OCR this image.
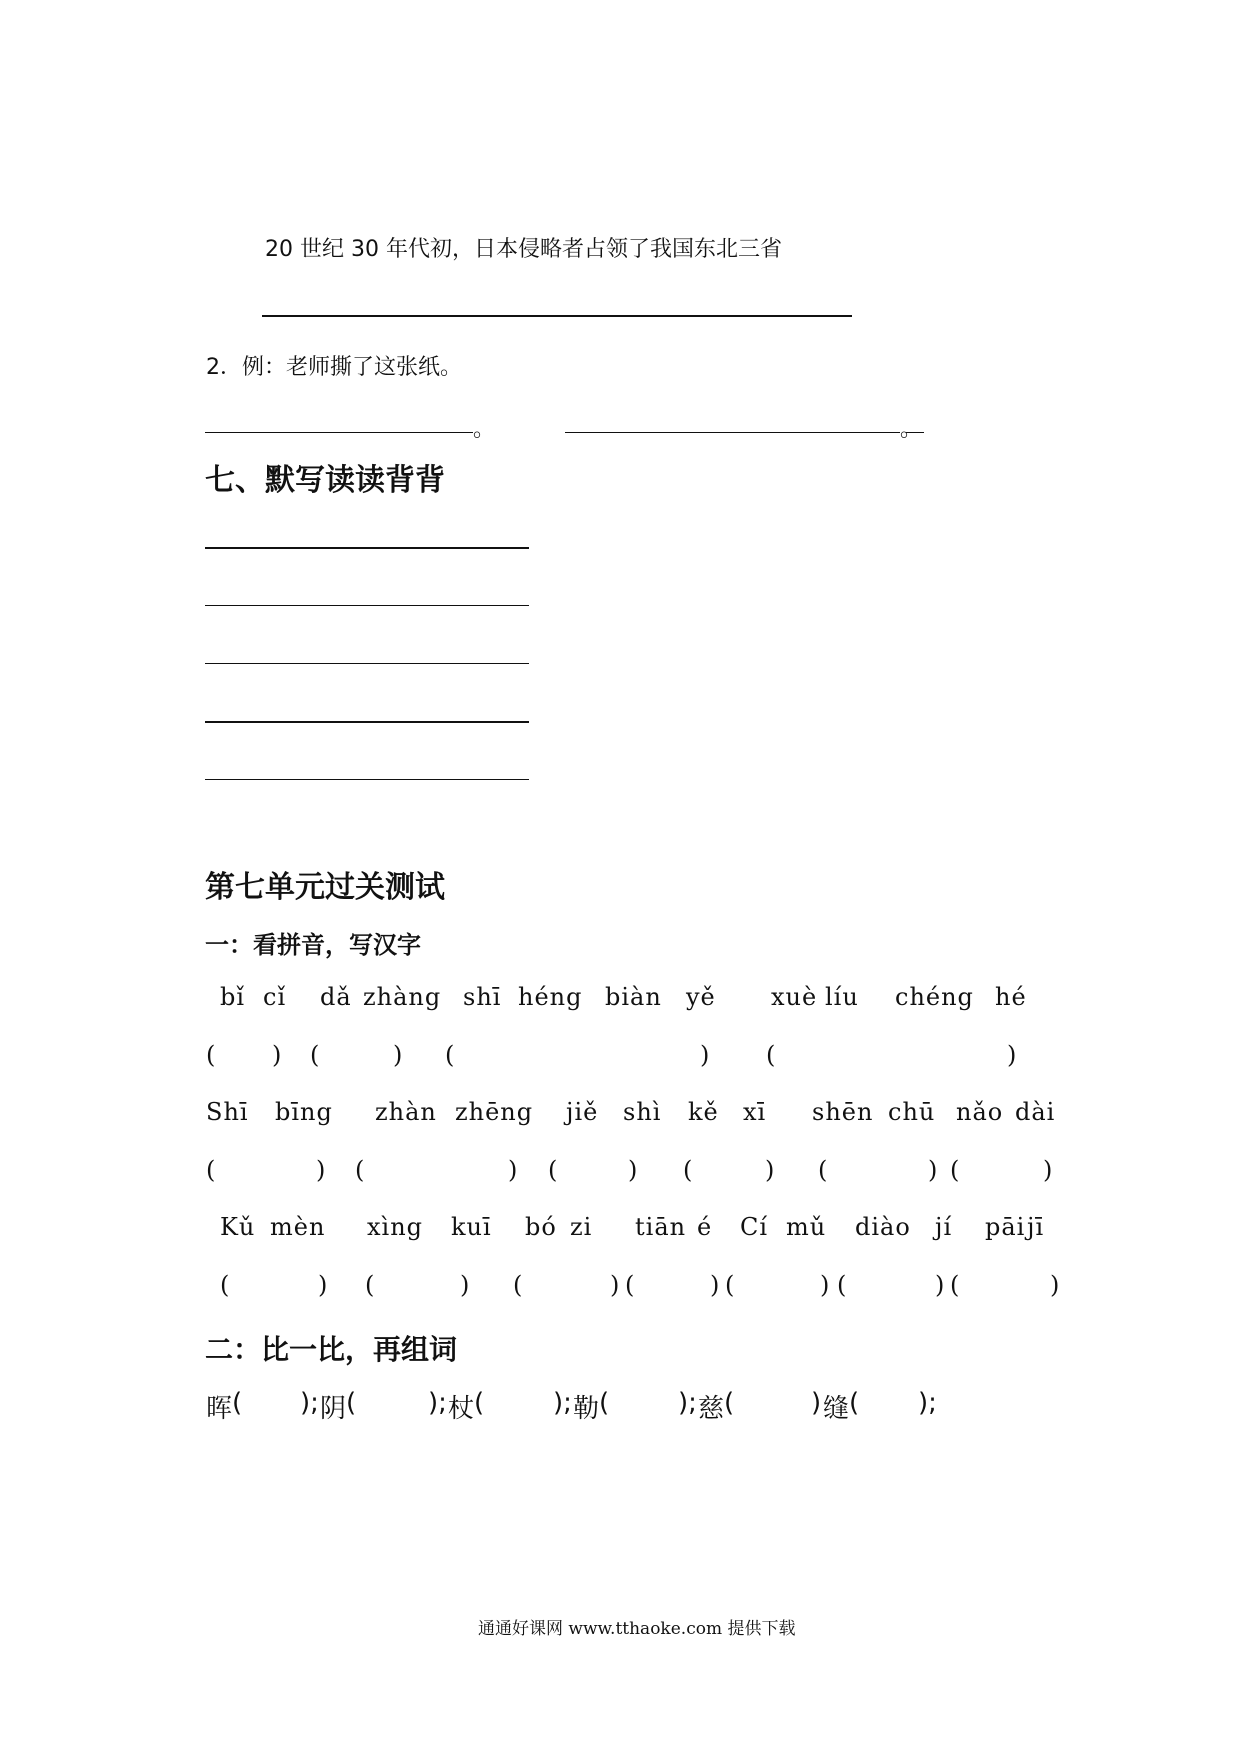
20 世纪 30 年代初，日本侵略者占领了我国东北三省
2．例：老师撕了这张纸。
。	。
七、默写读读背背
第七单元过关测试
一：看拼音，写汉字
bǐ cǐ dǎ zhàng shī héng biàn yě xuè líu chéng hé
( ) (	) (	) (	)
Shī bīng zhàn zhēng jiě shì kě xī shēn chū nǎo dài
(	) (	) (	) (	) (	) (	)
Kǔ mèn xìng kuī bó zi tiān é Cí mǔ diào jí pāi jī
(	) (	) (	) (	) (	) (	) (	)
二：比一比，再组词
晖 ( ); 阴 (	); 杖 (	); 勒 (	); 慈 (	) 缝 ( );
通通好课网 www.tthaoke.com 提供下载
